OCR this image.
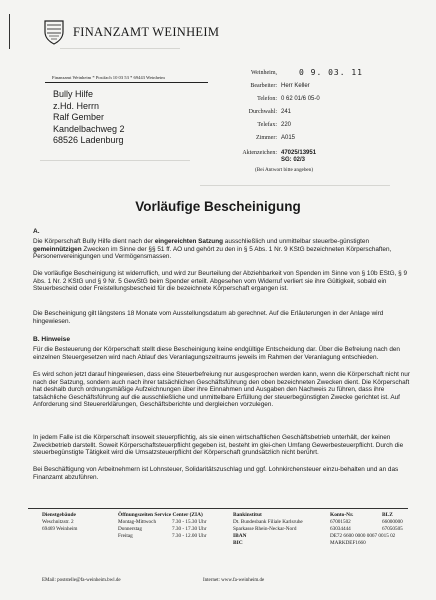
FINANZAMT WEINHEIM
Finanzamt Weinheim * Postfach 10 03 53 * 69443 Weinheim
Bully Hilfe
z.Hd. Herrn
Ralf Gember
Kandelbachweg 2
68526 Ladenburg
Weinheim,	0 9. 03. 11
Bearbeiter: Herr Keller
Telefon: 0 62 01/6 05-0
Durchwahl: 241
Telefax: 220
Zimmer: A015
Aktenzeichen: 47025/13951
SG: 02/3
(Bei Antwort bitte angeben)
Vorläufige Bescheinigung
A.
Die Körperschaft Bully Hilfe dient nach der eingereichten Satzung ausschließlich und unmittelbar steuerbe-günstigten gemeinnützigen Zwecken im Sinne der §§ 51 ff. AO und gehört zu den in § 5 Abs. 1 Nr. 9 KStG bezeichneten Körperschaften, Personenvereinigungen und Vermögensmassen.
Die vorläufige Bescheinigung ist widerruflich, und wird zur Beurteilung der Abziehbarkeit von Spenden im Sinne von § 10b EStG, § 9 Abs. 1 Nr. 2 KStG und § 9 Nr. 5 GewStG beim Spender erteilt. Abgesehen vom Widerruf verliert sie ihre Gültigkeit, sobald ein Steuerbescheid oder Freistellungsbescheid für die bezeichnete Körperschaft ergangen ist.
Die Bescheinigung gilt längstens 18 Monate vom Ausstellungsdatum ab gerechnet. Auf die Erläuterungen in der Anlage wird hingewiesen.
B. Hinweise
Für die Besteuerung der Körperschaft stellt diese Bescheinigung keine endgültige Entscheidung dar. Über die Befreiung nach den einzelnen Steuergesetzen wird nach Ablauf des Veranlagungszeitraums jeweils im Rahmen der Veranlagung entschieden.
Es wird schon jetzt darauf hingewiesen, dass eine Steuerbefreiung nur ausgesprochen werden kann, wenn die Körperschaft nicht nur nach der Satzung, sondern auch nach ihrer tatsächlichen Geschäftsführung den oben bezeichneten Zwecken dient. Die Körperschaft hat deshalb durch ordnungsmäßige Aufzeichnungen über ihre Einnahmen und Ausgaben den Nachweis zu führen, dass ihre tatsächliche Geschäftsführung auf die ausschließliche und unmittelbare Erfüllung der steuerbegünstigten Zwecke gerichtet ist. Auf Anforderung sind Steuererklärungen, Geschäftsberichte und dergleichen vorzulegen.
In jedem Falle ist die Körperschaft insoweit steuerpflichtig, als sie einen wirtschaftlichen Geschäftsbetrieb unterhält, der keinen Zweckbetrieb darstellt. Soweit Körperschaftsteuerpflicht gegeben ist, besteht im glei-chen Umfang Gewerbesteuerpflicht. Durch die steuerbegünstigte Tätigkeit wird die Umsatzsteuerpflicht der Körperschaft grundsätzlich nicht berührt.
Bei Beschäftigung von Arbeitnehmern ist Lohnsteuer, Solidaritätszuschlag und ggf. Lohnkirchensteuer einzu-behalten und an das Finanzamt abzuführen.
Dienstgebäude
Weschnitzstr. 2
69469 Weinheim
Öffnungszeiten Service Center (ZIA)
Montag-Mittwoch
Donnerstag
Freitag
7.30 - 15.30 Uhr
7.30 - 17.30 Uhr
7.30 - 12.00 Uhr
Bankinstitut
Dt. Bundesbank Filiale Karlsruhe
Sparkasse Rhein-Neckar-Nord
IBAN
BIC
Konto-Nr.
67001502
63034444
DE72 6600 0000 0067 0015 02
MARKDEF1660
BLZ
66000000
67050505
EMail: poststelle@fa-weinheim.bwl.de	Internet: www.fa-weinheim.de
